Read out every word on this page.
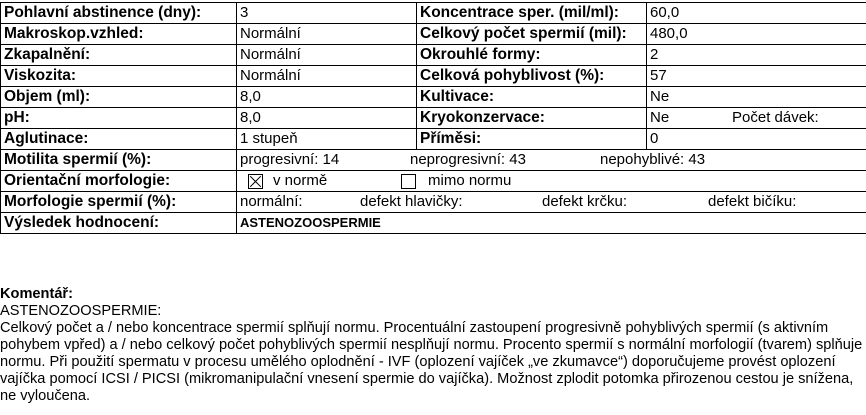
Pohlavní abstinence (dny):	3	Koncentrace sper. (mil/ml):	60,0

Makroskop.vzhled:	Normální	Celkový počet spermií (mil):	480,0

Zkapalnění:	Normální	Okrouhlé formy:	2

Viskozita:	Normální	Celková pohyblivost (%):	57

Objem (ml):	8,0	Kultivace:	Ne

pH:	8,0	Kryokonzervace:	Ne Počet dávek:

Aglutinace:	1 stupeň	Příměsi:	0
Motilita spermií (%):	progresivní: 14 neprogresivní: 43 nepohyblivé: 43

Orientační morfologie:	v normě mimo normu

Morfologie spermií (%):	normální: defekt hlavičky: defekt krčku: defekt bičíku:

Výsledek hodnocení:	ASTENOZOOSPERMIE

Komentář:

ASTENOZOOSPERMIE:

Celkový počet a / nebo koncentrace spermií splňují normu. Procentuální zastoupení progresivně pohyblivých spermií (s aktivním pohybem vpřed) a / nebo celkový počet pohyblivých spermií nesplňují normu. Procento spermií s normální morfologií (tvarem) splňuje normu. Při použití spermatu v procesu umělého oplodnění - IVF (oplození vajíček „ve zkumavce“) doporučujeme provést oplození vajíčka pomocí ICSI / PICSI (mikromanipulační vnesení spermie do vajíčka). Možnost zplodit potomka přirozenou cestou je snížena, ne vyloučena.
